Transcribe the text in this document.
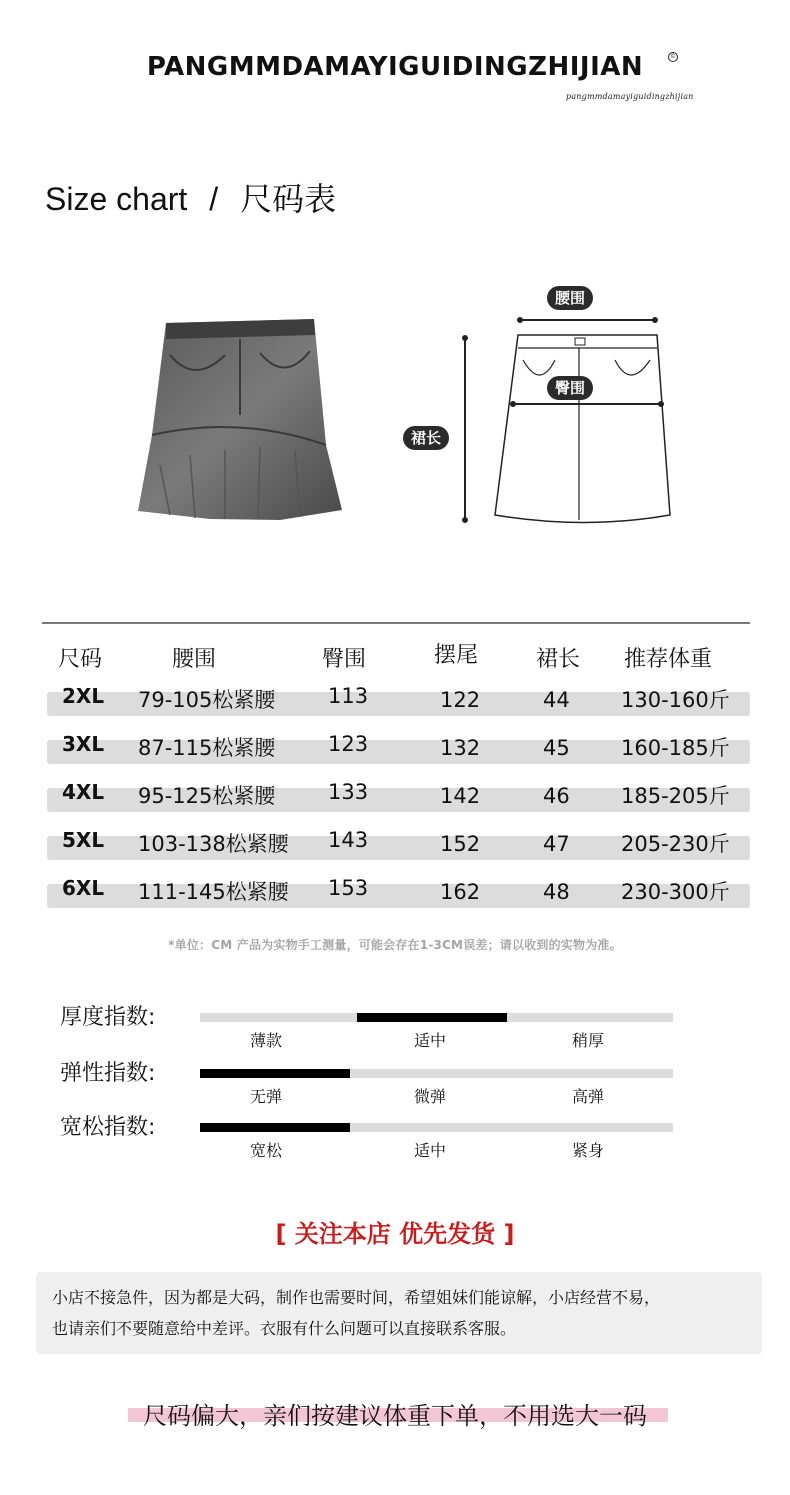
PANGMMDAMAYIGUIDINGZHIJIAN	©
pangmmdamayiguidingzhijian
Size chart / 尺码表
腰围
臀围
裙长
尺码	腰围	臀围	摆尾	裙长 推荐体重
2XL 79-105松紧腰	113	122	44 130-160斤
3XL 87-115松紧腰	123	132	45 160-185斤
4XL 95-125松紧腰	133	142	46 185-205斤
5XL 103-138松紧腰 143	152	47 205-230斤
6XL 111-145松紧腰 153	162	48 230-300斤
*单位：CM 产品为实物手工测量，可能会存在1-3CM误差；请以收到的实物为准。
厚度指数:
薄款	适中	稍厚
弹性指数:
无弹	微弹	高弹
宽松指数:
宽松	适中	紧身
[ 关注本店 优先发货 ]
小店不接急件，因为都是大码，制作也需要时间，希望姐妹们能谅解，小店经营不易，
也请亲们不要随意给中差评。衣服有什么问题可以直接联系客服。
尺码偏大，亲们按建议体重下单，不用选大一码
